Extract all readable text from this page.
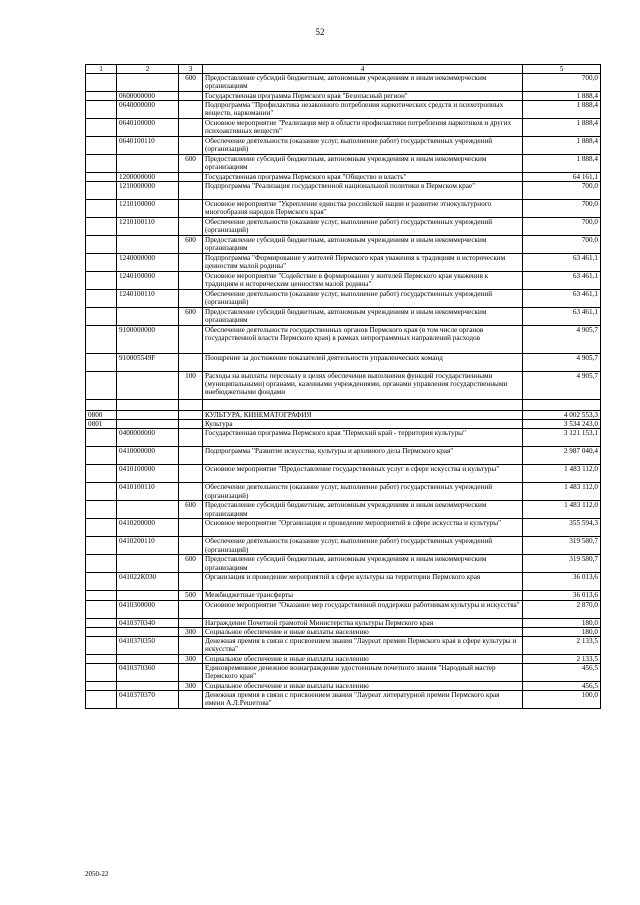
52
1	2	3	4	5
		600	Предоставление субсидий бюджетным, автономным учреждениям и иным некоммерческим организациям	700,0
	0600000000		Государственная программа Пермского края "Безопасный регион"	1 888,4
	0640000000		Подпрограмма "Профилактика незаконного потребления наркотических средств и психотропных веществ, наркомании"	1 888,4
	0640100000		Основное мероприятие "Реализация мер в области профилактики потребления наркотиков и других психоактивных веществ"	1 888,4
	0640100110		Обеспечение деятельности (оказание услуг, выполнение работ) государственных учреждений (организаций)	1 888,4
		600	Предоставление субсидий бюджетным, автономным учреждениям и иным некоммерческим организациям	1 888,4
	1200000000		Государственная программа Пермского края "Общество и власть"	64 161,1
	1210000000		Подпрограмма "Реализация государственной национальной политики в Пермском крае"	700,0
	1210100000		Основное мероприятие "Укрепление единства российской нации и развитие этнокультурного многообразия народов Пермского края"	700,0
	1210100110		Обеспечение деятельности (оказание услуг, выполнение работ) государственных учреждений (организаций)	700,0
		600	Предоставление субсидий бюджетным, автономным учреждениям и иным некоммерческим организациям	700,0
	1240000000		Подпрограмма "Формирование у жителей Пермского края уважения к традициям и историческим ценностям малой родины"	63 461,1
	1240100000		Основное мероприятие "Содействие в формировании у жителей Пермского края уважения к традициям и историческим ценностям малой родины"	63 461,1
	1240100110		Обеспечение деятельности (оказание услуг, выполнение работ) государственных учреждений (организаций)	63 461,1
		600	Предоставление субсидий бюджетным, автономным учреждениям и иным некоммерческим организациям	63 461,1
	9100000000		Обеспечение деятельности государственных органов Пермского края (в том числе органов государственной власти Пермского края) в рамках непрограммных направлений расходов	4 905,7
	910005549F		Поощрение за достижение показателей деятельности управленческих команд	4 905,7
		100	Расходы на выплаты персоналу в целях обеспечения выполнения функций государственными (муниципальными) органами, казенными учреждениями, органами управления государственными внебюджетными фондами	4 905,7

0800			КУЛЬТУРА, КИНЕМАТОГРАФИЯ	4 002 553,3
0801			Культура	3 534 243,0
	0400000000		Государственная программа Пермского края "Пермский край - территория культуры"	3 121 153,1
	0410000000		Подпрограмма "Развитие искусства, культуры и архивного дела Пермского края"	2 987 040,4
	0410100000		Основное мероприятие "Предоставление государственных услуг в сфере искусства и культуры"	1 483 112,0
	0410100110		Обеспечение деятельности (оказание услуг, выполнение работ) государственных учреждений (организаций)	1 483 112,0
		600	Предоставление субсидий бюджетным, автономным учреждениям и иным некоммерческим организациям	1 483 112,0
	0410200000		Основное мероприятие "Организация и проведение мероприятий в сфере искусства и культуры"	355 594,3
	0410200110		Обеспечение деятельности (оказание услуг, выполнение работ) государственных учреждений (организаций)	319 580,7
		600	Предоставление субсидий бюджетным, автономным учреждениям и иным некоммерческим организациям	319 580,7
	041022К030		Организация и проведение мероприятий в сфере культуры на территории Пермского края	36 013,6
		500	Межбюджетные трансферты	36 013,6
	0410300000		Основное мероприятие "Оказание мер государственной поддержки работникам культуры и искусства"	2 870,0
	0410370340		Награждение Почетной грамотой Министерства культуры Пермского края	180,0
		300	Социальное обеспечение и иные выплаты населению	180,0
	0410370350		Денежная премия в связи с присвоением звания "Лауреат премии Пермского края в сфере культуры и искусства"	2 133,5
		300	Социальное обеспечение и иные выплаты населению	2 133,5
	0410370360		Единовременное денежное вознаграждение удостоенным почетного звания "Народный мастер Пермского края"	456,5
		300	Социальное обеспечение и иные выплаты населению	456,5
	0410370370		Денежная премия в связи с присвоением звания "Лауреат литературной премии Пермского края имени А.Л.Решетова"	100,0
2050-22
